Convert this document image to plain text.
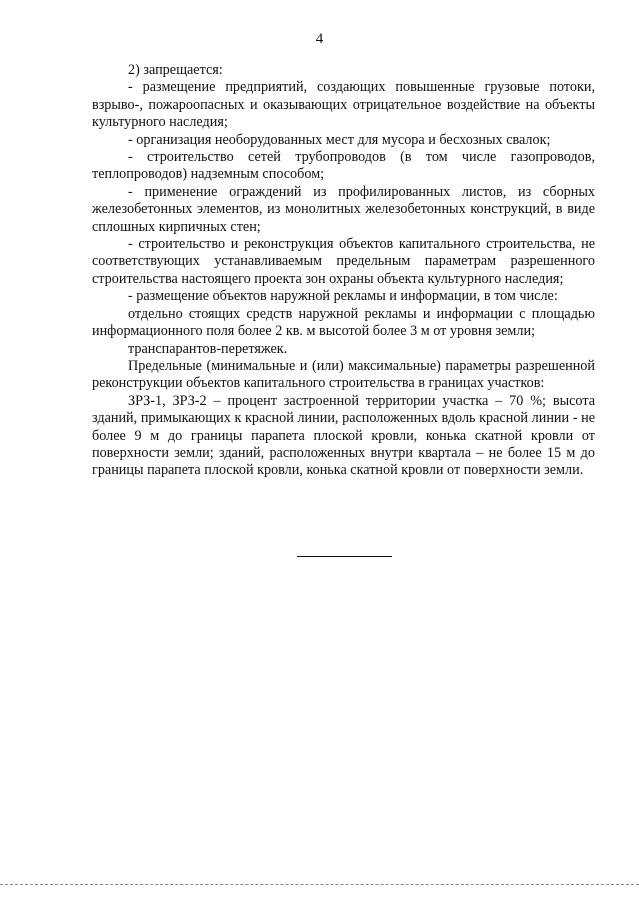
4

2) запрещается:

- размещение предприятий, создающих повышенные грузовые потоки, взрыво-, пожароопасных и оказывающих отрицательное воздействие на объекты культурного наследия;

- организация необорудованных мест для мусора и бесхозных свалок;

- строительство сетей трубопроводов (в том числе газопроводов, теплопроводов) надземным способом;

- применение ограждений из профилированных листов, из сборных железобетонных элементов, из монолитных железобетонных конструкций, в виде сплошных кирпичных стен;

- строительство и реконструкция объектов капитального строительства, не соответствующих устанавливаемым предельным параметрам разрешенного строительства настоящего проекта зон охраны объекта культурного наследия;

- размещение объектов наружной рекламы и информации, в том числе:

отдельно стоящих средств наружной рекламы и информации с площадью информационного поля более 2 кв. м высотой более 3 м от уровня земли;

транспарантов-перетяжек.

Предельные (минимальные и (или) максимальные) параметры разрешенной реконструкции объектов капитального строительства в границах участков:

ЗРЗ-1, ЗРЗ-2 – процент застроенной территории участка – 70 %; высота зданий, примыкающих к красной линии, расположенных вдоль красной линии - не более 9 м до границы парапета плоской кровли, конька скатной кровли от поверхности земли; зданий, расположенных внутри квартала – не более 15 м до границы парапета плоской кровли, конька скатной кровли от поверхности земли.
